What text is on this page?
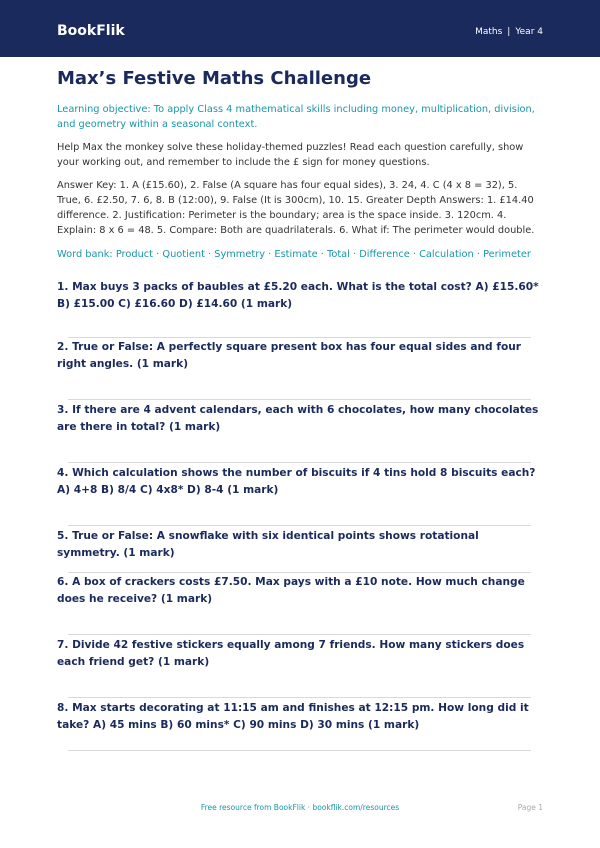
BookFlik	Maths | Year 4
Max’s Festive Maths Challenge

Learning objective: To apply Class 4 mathematical skills including money, multiplication, division, and geometry within a seasonal context.

Help Max the monkey solve these holiday-themed puzzles! Read each question carefully, show your working out, and remember to include the £ sign for money questions.

Answer Key: 1. A (£15.60), 2. False (A square has four equal sides), 3. 24, 4. C (4 x 8 = 32), 5. True, 6. £2.50, 7. 6, 8. B (12:00), 9. False (It is 300cm), 10. 15. Greater Depth Answers: 1. £14.40 difference. 2. Justification: Perimeter is the boundary; area is the space inside. 3. 120cm. 4. Explain: 8 x 6 = 48. 5. Compare: Both are quadrilaterals. 6. What if: The perimeter would double.

Word bank: Product · Quotient · Symmetry · Estimate · Total · Difference · Calculation · Perimeter

1. Max buys 3 packs of baubles at £5.20 each. What is the total cost? A) £15.60* B) £15.00 C) £16.60 D) £14.60 (1 mark)

2. True or False: A perfectly square present box has four equal sides and four right angles. (1 mark)

3. If there are 4 advent calendars, each with 6 chocolates, how many chocolates are there in total? (1 mark)

4. Which calculation shows the number of biscuits if 4 tins hold 8 biscuits each? A) 4+8 B) 8/4 C) 4x8* D) 8-4 (1 mark)

5. True or False: A snowflake with six identical points shows rotational symmetry. (1 mark)

6. A box of crackers costs £7.50. Max pays with a £10 note. How much change does he receive? (1 mark)

7. Divide 42 festive stickers equally among 7 friends. How many stickers does each friend get? (1 mark)

8. Max starts decorating at 11:15 am and finishes at 12:15 pm. How long did it take? A) 45 mins B) 60 mins* C) 90 mins D) 30 mins (1 mark)

Free resource from BookFlik · bookflik.com/resources	Page 1
